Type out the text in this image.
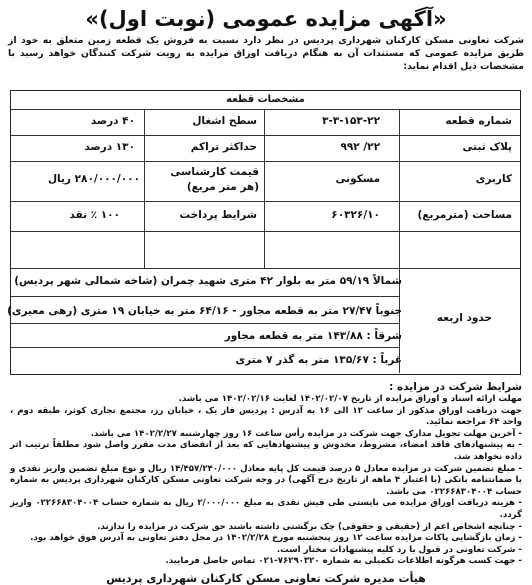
«آگهی مزایده عمومی (نوبت اول)»
شرکت تعاونی مسکن کارکنان شهرداری پردیس در نظر دارد نسبت به فروش یک قطعه زمین متعلق به خود از طریق مزایده عمومی که مستندات آن به هنگام دریافت اوراق مزایده به رویت شرکت کنندگان خواهد رسید با مشخصات ذیل اقدام نماید:
مشخصات قطعه
شماره قطعه
۳-۳-۱۵۳-۲۲
سطح اشغال
۴۰ درصد
پلاک ثبتی
۲۲/ ۹۹۲
حداکثر تراکم
۱۳۰ درصد
کاربری
مسکونی
قیمت کارشناسی (هر متر مربع)
۲۸۰/۰۰۰/۰۰۰ ریال
مساحت (مترمربع)
۶۰۳۲۶/۱۰
شرایط پرداخت
۱۰۰ ٪ نقد
حدود اربعه
شمالاً ۵۹/۱۹ متر به بلوار ۴۲ متری شهید چمران (شاخه شمالی شهر پردیس)
جنوباً ۲۷/۴۷ متر به قطعه مجاور - ۶۴/۱۶ متر به خیابان ۱۹ متری (رهی معیری)
شرقاً : ۱۴۳/۸۸ متر به قطعه مجاور
غرباً : ۱۳۵/۶۷ متر به گذر ۷ متری
شرایط شرکت در مزایده :

مهلت ارائه اسناد و اوراق مزایده از تاریخ ۱۴۰۲/۰۲/۰۷ لغایت ۱۴۰۲/۰۲/۱۶ می باشد.

جهت دریافت اوراق مذکور از ساعت ۱۲ الی ۱۶ به آدرس : پردیس فاز یک ، خیابان رز، مجتمع تجاری کوثر، طبقه دوم ، واحد ۶۴ مراجعه نمائید.

- آخرین مهلت تحویل مدارک جهت شرکت در مزایده رأس ساعت ۱۶ روز چهارشنبه ۱۴۰۲/۲/۲۷ می باشد.

- به پیشنهادهای فاقد امضاء، مشروط، مخدوش و پیشنهادهایی که بعد از انقضای مدت مقرر واصل شود مطلقاً ترتیب اثر داده نخواهد شد.

- مبلغ تضمین شرکت در مزایده معادل ۵ درصد قیمت کل پایه معادل ۱۴/۴۵۷/۲۴۰/۰۰۰ ریال و نوع مبلغ تضمین واریز نقدی و یا ضمانتنامه بانکی (با اعتبار ۴ ماهه از تاریخ درج آگهی) در وجه شرکت تعاونی مسکن کارکنان شهرداری پردیس به شماره حساب ۰۲۲۶۶۸۳۰۴۰۰۴ می باشد.

- هزینه دریافت اوراق مزایده می بایستی طی فیش نقدی به مبلغ ۲/۰۰۰/۰۰۰ ریال به شماره حساب ۰۲۲۶۶۸۳۰۴۰۰۴ واریز گردد.

- چنانچه اشخاص اعم از (حقیقی و حقوقی) چک برگشتی داشته باشند حق شرکت در مزایده را ندارند.

- زمان بازگشایی پاکات مزایده ساعت ۱۲ روز پنجشنبه مورخ ۱۴۰۲/۲/۲۸ در محل دفتر تعاونی به آدرس فوق خواهد بود.

- شرکت تعاونی در قبول یا رد کلیه پیشنهادات مختار است.

- جهت کسب هرگونه اطلاعات تکمیلی به شماره ۷۶۲۹۰۳۲۰-۰۲۱ تماس حاصل فرمایید.

هیأت مدیره شرکت تعاونی مسکن کارکنان شهرداری پردیس
